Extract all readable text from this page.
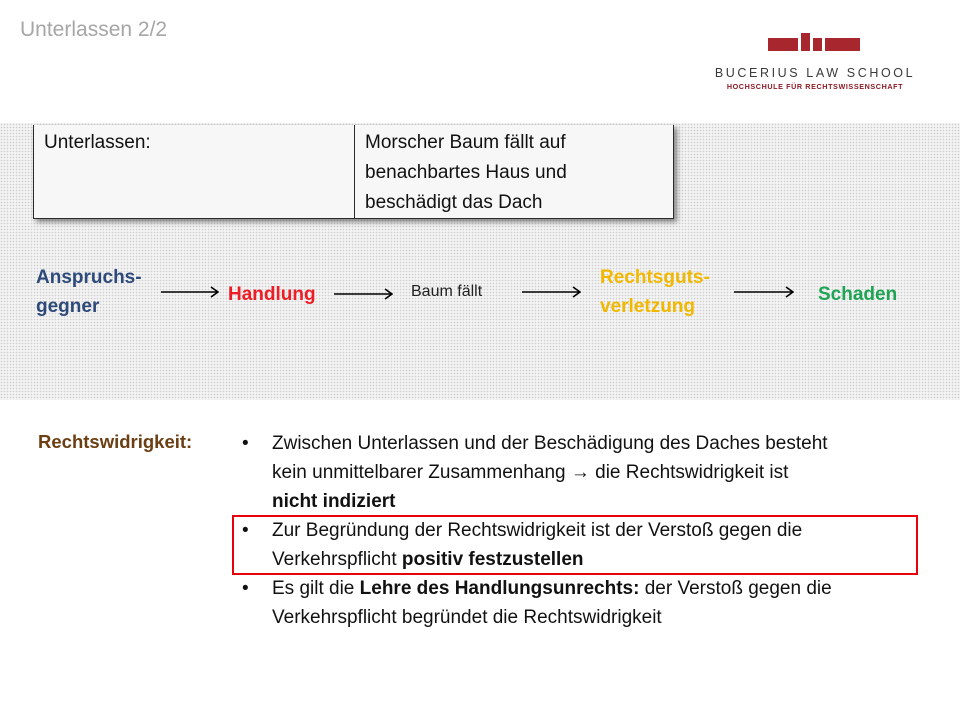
Unterlassen 2/2
BUCERIUS LAW SCHOOL
HOCHSCHULE FÜR RECHTSWISSENSCHAFT
Unterlassen:	Morscher Baum fällt auf
benachbartes Haus und
beschädigt das Dach
Anspruchs-
gegner
Handlung	Baum fällt
Rechtsguts-
verletzung
Schaden
Rechtswidrigkeit:	• Zwischen Unterlassen und der Beschädigung des Daches besteht
kein unmittelbarer Zusammenhang → die Rechtswidrigkeit ist
nicht indiziert
• Zur Begründung der Rechtswidrigkeit ist der Verstoß gegen die
Verkehrspflicht positiv festzustellen
• Es gilt die Lehre des Handlungsunrechts: der Verstoß gegen die
Verkehrspflicht begründet die Rechtswidrigkeit
